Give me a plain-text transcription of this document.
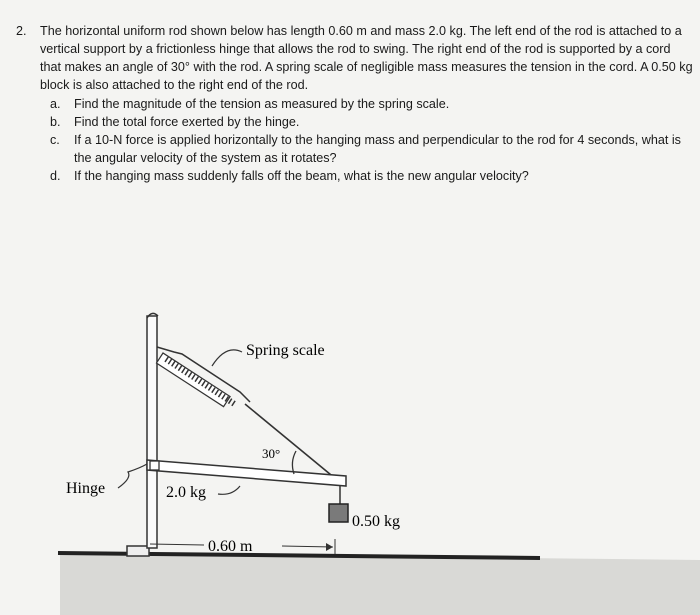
2.	The horizontal uniform rod shown below has length 0.60 m and mass 2.0 kg. The left end of the rod is attached to a vertical support by a frictionless hinge that allows the rod to swing. The right end of the rod is supported by a cord that makes an angle of 30° with the rod. A spring scale of negligible mass measures the tension in the cord. A 0.50 kg block is also attached to the right end of the rod.
a.	Find the magnitude of the tension as measured by the spring scale.
b.	Find the total force exerted by the hinge.
c.	If a 10-N force is applied horizontally to the hanging mass and perpendicular to the rod for 4 seconds, what is the angular velocity of the system as it rotates?
d.	If the hanging mass suddenly falls off the beam, what is the new angular velocity?
Spring scale
30°
Hinge	2.0 kg
0.50 kg
0.60 m
